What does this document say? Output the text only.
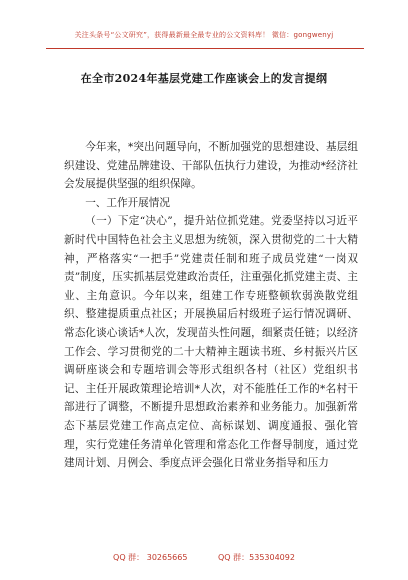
关注头条号“公文研究”，获得最新最全最专业的公文资料库！ 微信：gongwenyj
在全市2024年基层党建工作座谈会上的发言提纲

今年来，*突出问题导向，不断加强党的思想建设、基层组织建设、党建品牌建设、干部队伍执行力建设，为推动*经济社会发展提供坚强的组织保障。

一、工作开展情况

（一）下定“决心”，提升站位抓党建。党委坚持以习近平新时代中国特色社会主义思想为统领，深入贯彻党的二十大精神，严格落实“一把手”党建责任制和班子成员党建“一岗双责”制度，压实抓基层党建政治责任，注重强化抓党建主责、主业、主角意识。今年以来，组建工作专班整顿软弱涣散党组织、整建提质重点社区；开展换届后村级班子运行情况调研、常态化谈心谈话*人次，发现苗头性问题，细紧责任链；以经济工作会、学习贯彻党的二十大精神主题读书班、乡村振兴片区调研座谈会和专题培训会等形式组织各村（社区）党组织书记、主任开展政策理论培训*人次，对不能胜任工作的*名村干部进行了调整，不断提升思想政治素养和业务能力。加强新常态下基层党建工作高点定位、高标谋划、调度通报、强化管理，实行党建任务清单化管理和常态化工作督导制度，通过党建周计划、月例会、季度点评会强化日常业务指导和压力

QQ 群： 30265665	QQ 群：535304092
